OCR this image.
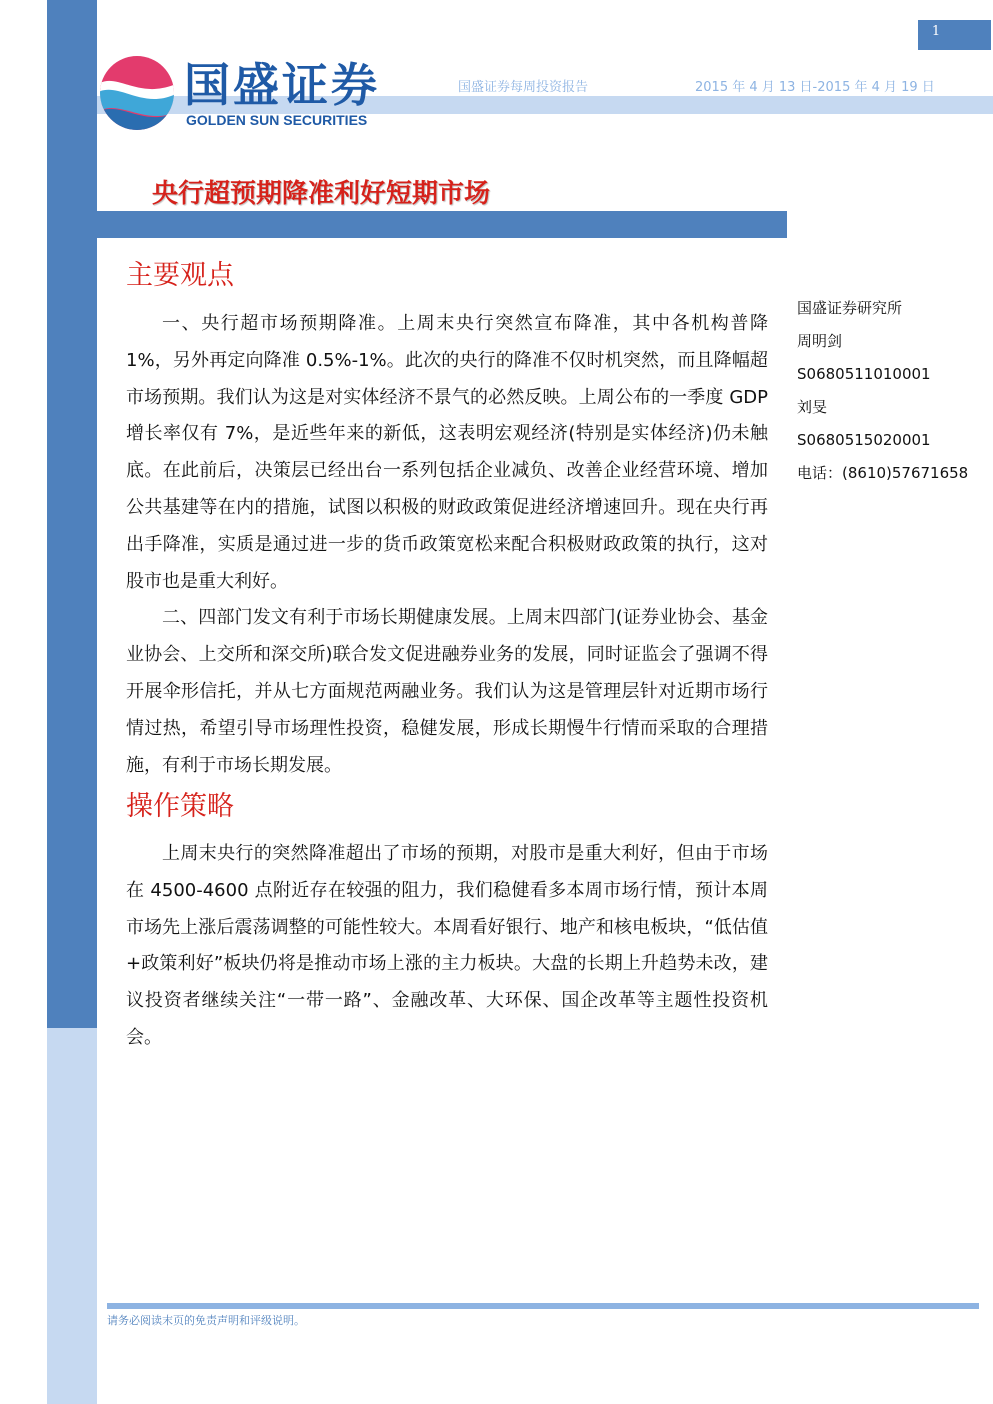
1
国盛证券
GOLDEN SUN SECURITIES
国盛证券每周投资报告	2015 年 4 月 13 日-2015 年 4 月 19 日
央行超预期降准利好短期市场
主要观点

一、央行超市场预期降准。上周末央行突然宣布降准，其中各机构普降 1%，另外再定向降准 0.5%-1%。此次的央行的降准不仅时机突然，而且降幅超市场预期。我们认为这是对实体经济不景气的必然反映。上周公布的一季度 GDP 增长率仅有 7%，是近些年来的新低，这表明宏观经济(特别是实体经济)仍未触底。在此前后，决策层已经出台一系列包括企业减负、改善企业经营环境、增加公共基建等在内的措施，试图以积极的财政政策促进经济增速回升。现在央行再出手降准，实质是通过进一步的货币政策宽松来配合积极财政政策的执行，这对股市也是重大利好。

二、四部门发文有利于市场长期健康发展。上周末四部门(证券业协会、基金业协会、上交所和深交所)联合发文促进融券业务的发展，同时证监会了强调不得开展伞形信托，并从七方面规范两融业务。我们认为这是管理层针对近期市场行情过热，希望引导市场理性投资，稳健发展，形成长期慢牛行情而采取的合理措施，有利于市场长期发展。

操作策略

上周末央行的突然降准超出了市场的预期，对股市是重大利好，但由于市场在 4500-4600 点附近存在较强的阻力，我们稳健看多本周市场行情，预计本周市场先上涨后震荡调整的可能性较大。本周看好银行、地产和核电板块，“低估值+政策利好”板块仍将是推动市场上涨的主力板块。大盘的长期上升趋势未改，建议投资者继续关注“一带一路”、金融改革、大环保、国企改革等主题性投资机会。

国盛证券研究所
周明剑
S0680511010001
刘旻
S0680515020001
电话：(8610)57671658
请务必阅读末页的免责声明和评级说明。
